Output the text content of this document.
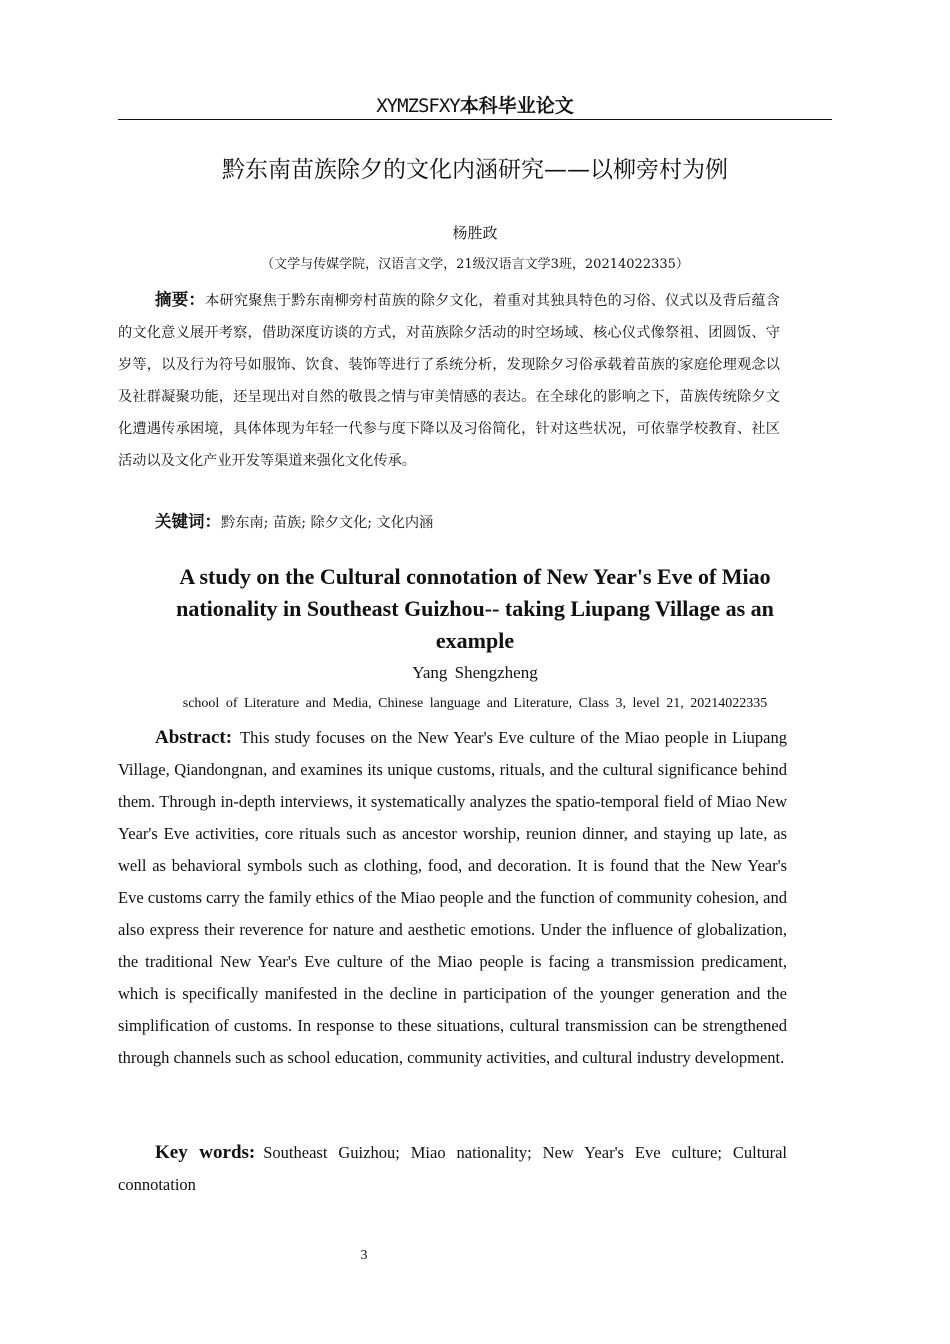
XYMZSFXY本科毕业论文
黔东南苗族除夕的文化内涵研究——以柳旁村为例
杨胜政
（文学与传媒学院，汉语言文学，21级汉语言文学3班，20214022335）

摘要：本研究聚焦于黔东南柳旁村苗族的除夕文化，着重对其独具特色的习俗、仪式以及背后蕴含的文化意义展开考察，借助深度访谈的方式，对苗族除夕活动的时空场域、核心仪式像祭祖、团圆饭、守岁等，以及行为符号如服饰、饮食、装饰等进行了系统分析，发现除夕习俗承载着苗族的家庭伦理观念以及社群凝聚功能，还呈现出对自然的敬畏之情与审美情感的表达。在全球化的影响之下，苗族传统除夕文化遭遇传承困境，具体体现为年轻一代参与度下降以及习俗简化，针对这些状况，可依靠学校教育、社区活动以及文化产业开发等渠道来强化文化传承。

关键词：黔东南; 苗族; 除夕文化; 文化内涵

A study on the Cultural connotation of New Year's Eve of Miao nationality in Southeast Guizhou-- taking Liupang Village as an example

Yang Shengzheng
school of Literature and Media, Chinese language and Literature, Class 3, level 21, 20214022335

Abstract: This study focuses on the New Year's Eve culture of the Miao people in Liupang Village, Qiandongnan, and examines its unique customs, rituals, and the cultural significance behind them. Through in-depth interviews, it systematically analyzes the spatio-temporal field of Miao New Year's Eve activities, core rituals such as ancestor worship, reunion dinner, and staying up late, as well as behavioral symbols such as clothing, food, and decoration. It is found that the New Year's Eve customs carry the family ethics of the Miao people and the function of community cohesion, and also express their reverence for nature and aesthetic emotions. Under the influence of globalization, the traditional New Year's Eve culture of the Miao people is facing a transmission predicament, which is specifically manifested in the decline in participation of the younger generation and the simplification of customs. In response to these situations, cultural transmission can be strengthened through channels such as school education, community activities, and cultural industry development.

Key words: Southeast Guizhou; Miao nationality; New Year's Eve culture; Cultural connotation

3
